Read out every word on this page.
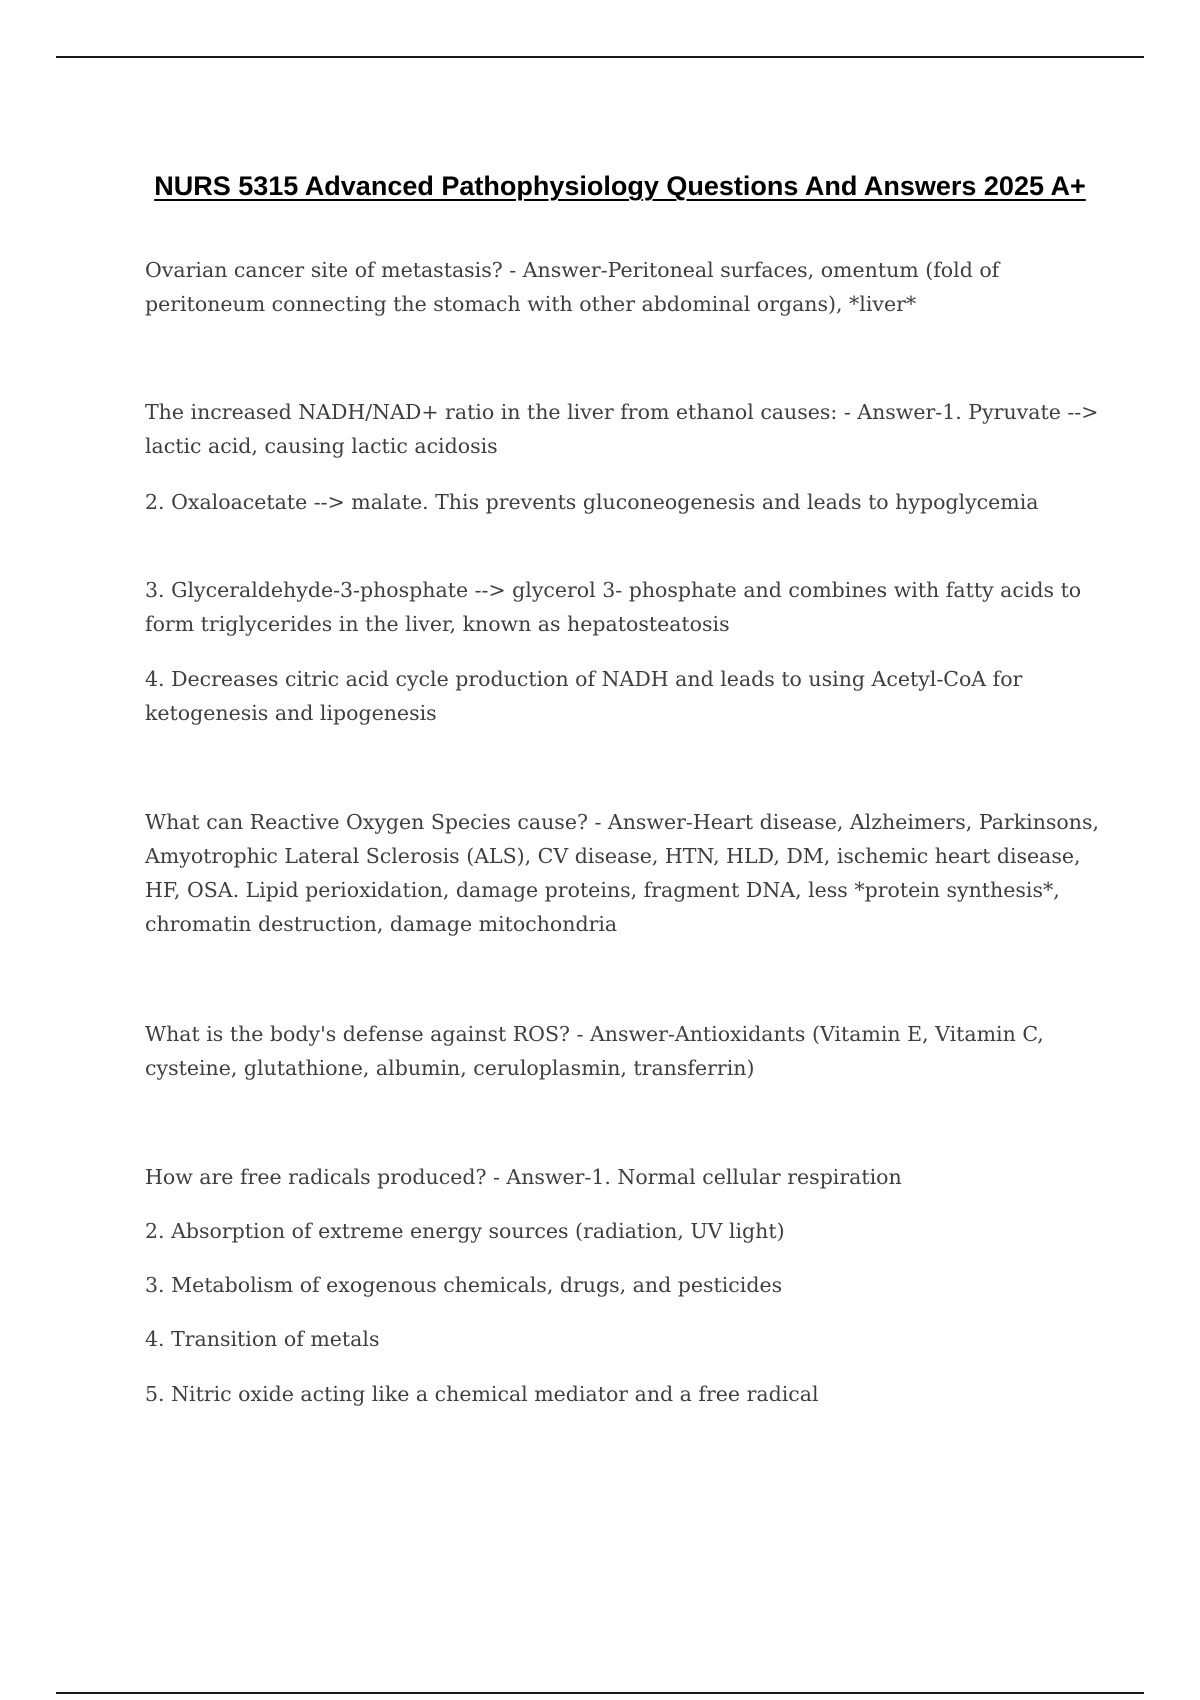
NURS 5315 Advanced Pathophysiology Questions And Answers 2025 A+

Ovarian cancer site of metastasis? - Answer-Peritoneal surfaces, omentum (fold of peritoneum connecting the stomach with other abdominal organs), *liver*

The increased NADH/NAD+ ratio in the liver from ethanol causes: - Answer-1. Pyruvate --> lactic acid, causing lactic acidosis

2. Oxaloacetate --> malate. This prevents gluconeogenesis and leads to hypoglycemia

3. Glyceraldehyde-3-phosphate --> glycerol 3- phosphate and combines with fatty acids to form triglycerides in the liver, known as hepatosteatosis

4. Decreases citric acid cycle production of NADH and leads to using Acetyl-CoA for ketogenesis and lipogenesis

What can Reactive Oxygen Species cause? - Answer-Heart disease, Alzheimers, Parkinsons, Amyotrophic Lateral Sclerosis (ALS), CV disease, HTN, HLD, DM, ischemic heart disease, HF, OSA. Lipid perioxidation, damage proteins, fragment DNA, less *protein synthesis*, chromatin destruction, damage mitochondria

What is the body's defense against ROS? - Answer-Antioxidants (Vitamin E, Vitamin C, cysteine, glutathione, albumin, ceruloplasmin, transferrin)

How are free radicals produced? - Answer-1. Normal cellular respiration

2. Absorption of extreme energy sources (radiation, UV light)

3. Metabolism of exogenous chemicals, drugs, and pesticides

4. Transition of metals

5. Nitric oxide acting like a chemical mediator and a free radical
